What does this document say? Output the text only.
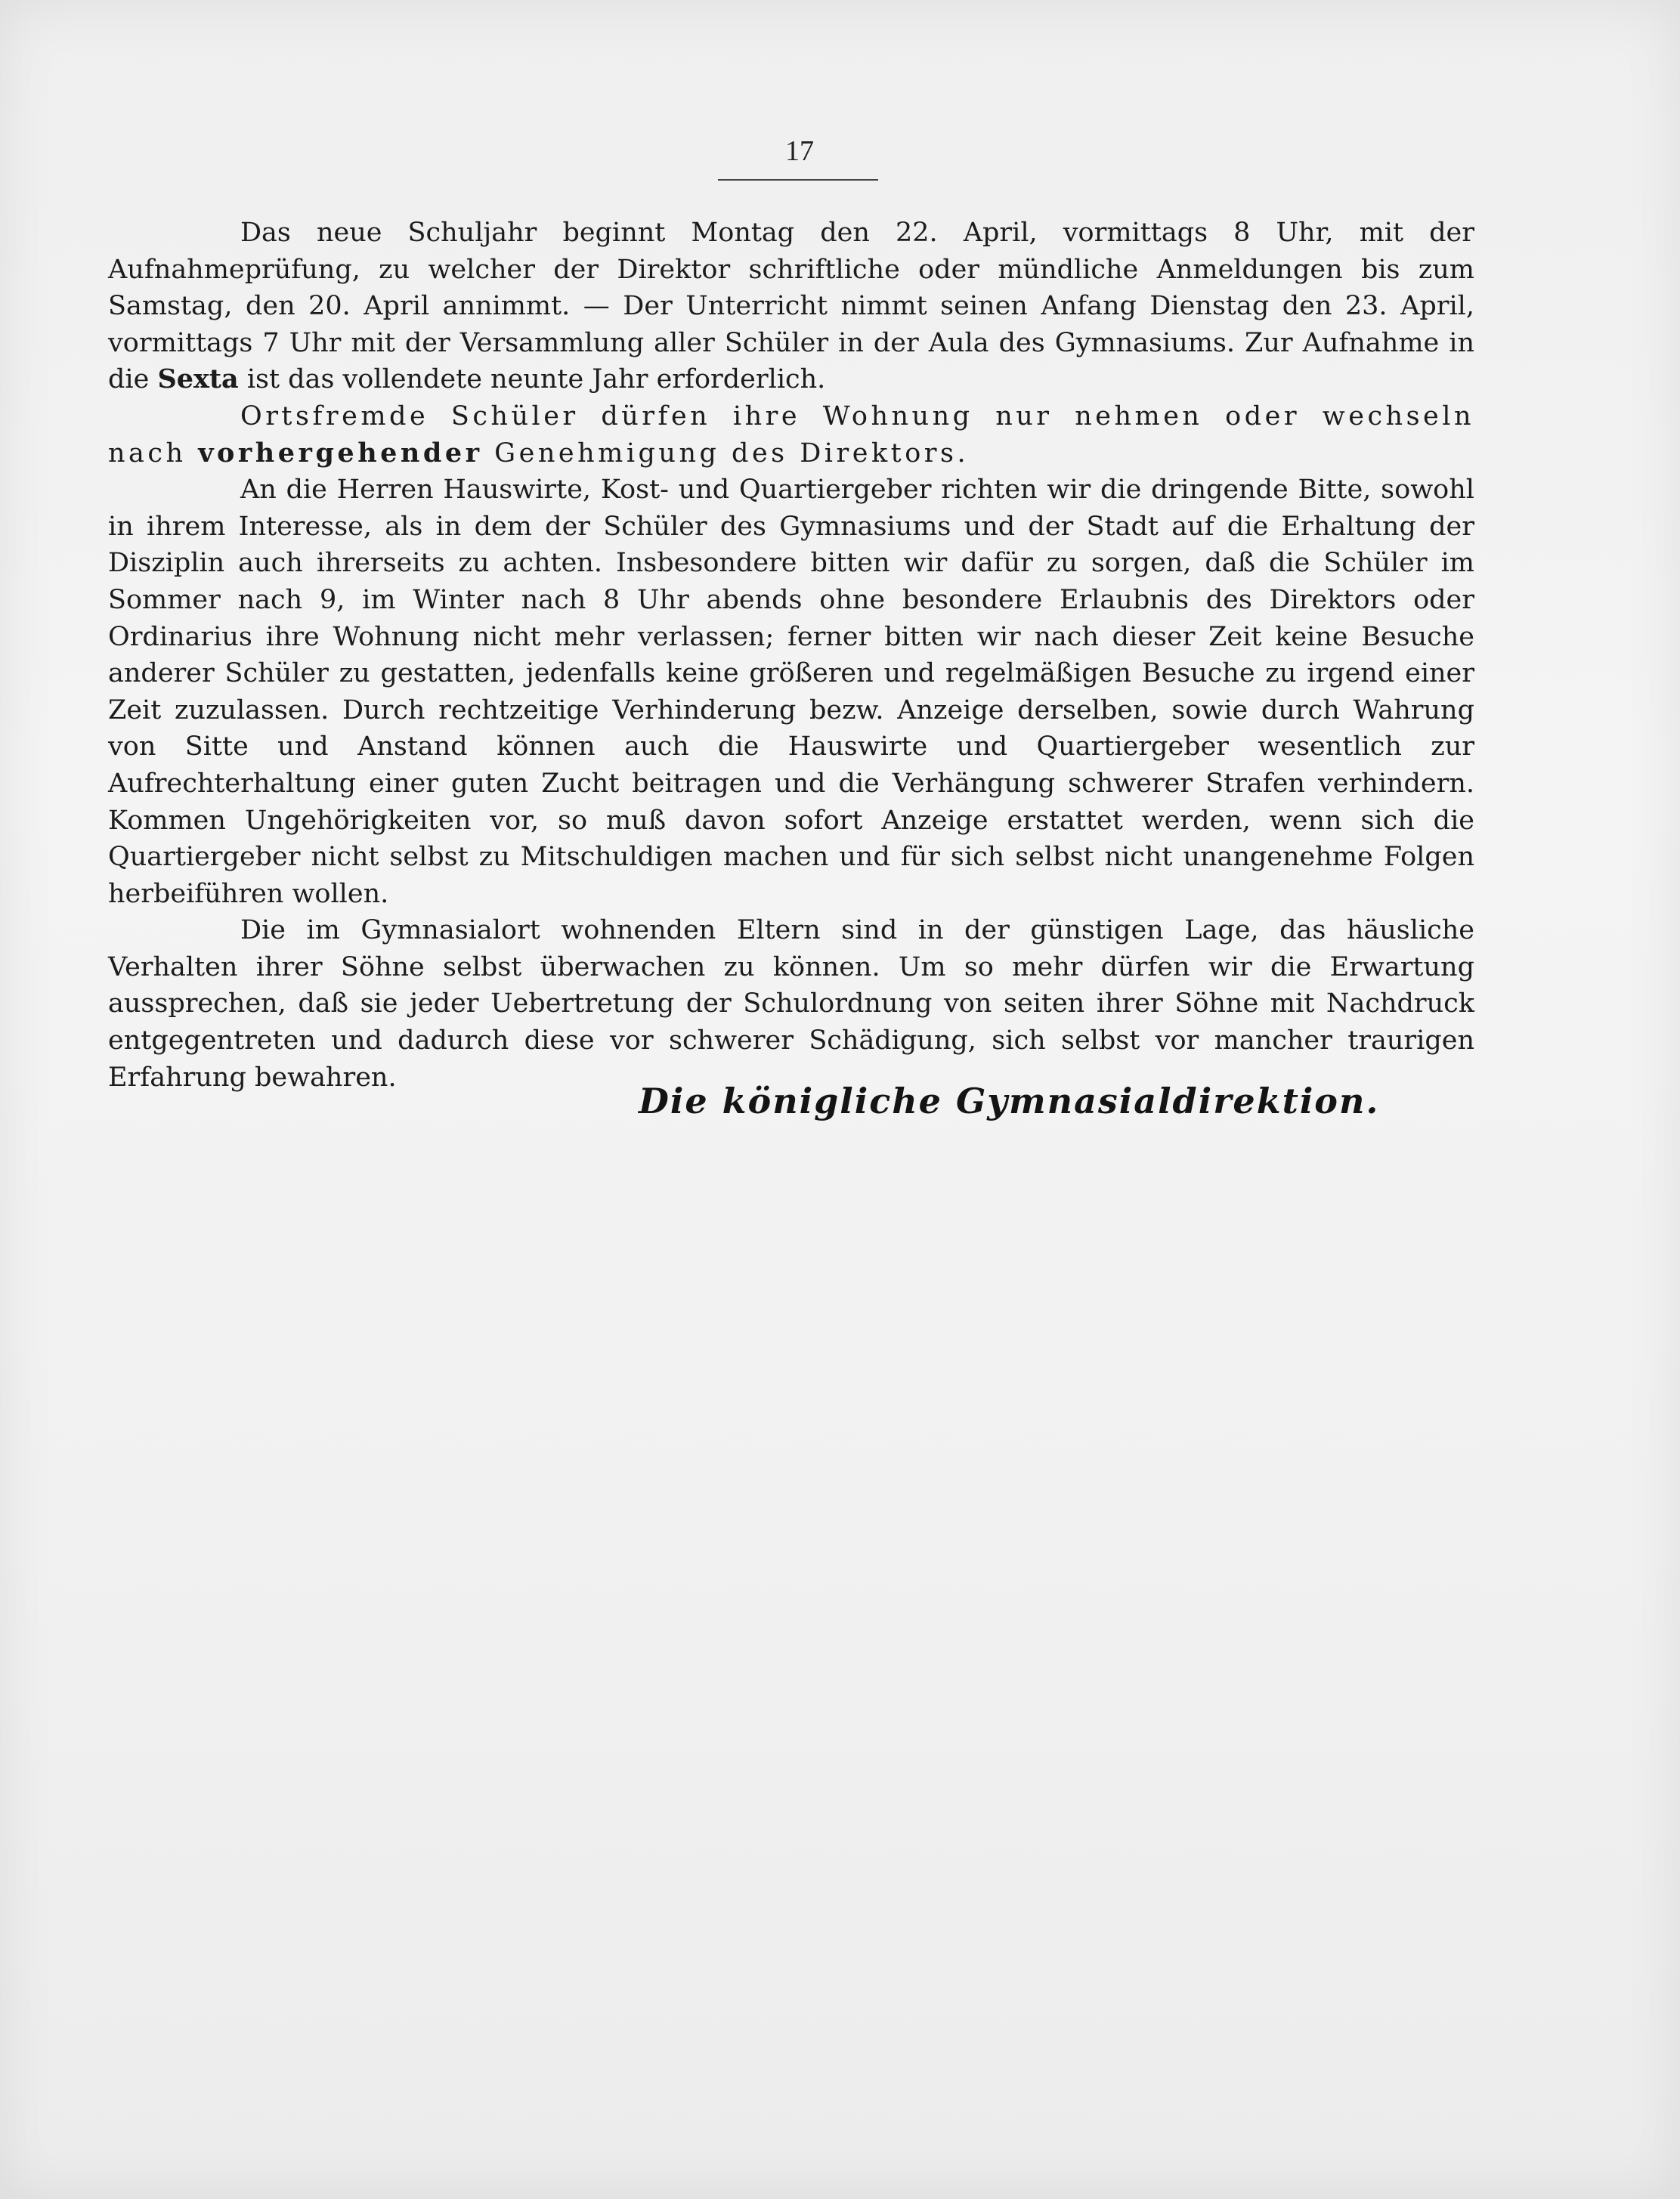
17

Das neue Schuljahr beginnt Montag den 22. April, vormittags 8 Uhr, mit der Aufnahmeprüfung, zu welcher der Direktor schriftliche oder mündliche Anmeldungen bis zum Samstag, den 20. April annimmt. — Der Unterricht nimmt seinen Anfang Dienstag den 23. April, vormittags 7 Uhr mit der Versammlung aller Schüler in der Aula des Gymnasiums. Zur Aufnahme in die Sexta ist das vollendete neunte Jahr erforderlich.

Ortsfremde Schüler dürfen ihre Wohnung nur nehmen oder wechseln nach vorhergehender Genehmigung des Direktors.

An die Herren Hauswirte, Kost- und Quartiergeber richten wir die dringende Bitte, sowohl in ihrem Interesse, als in dem der Schüler des Gymnasiums und der Stadt auf die Erhaltung der Disziplin auch ihrerseits zu achten. Insbesondere bitten wir dafür zu sorgen, daß die Schüler im Sommer nach 9, im Winter nach 8 Uhr abends ohne besondere Erlaubnis des Direktors oder Ordinarius ihre Wohnung nicht mehr verlassen; ferner bitten wir nach dieser Zeit keine Besuche anderer Schüler zu gestatten, jedenfalls keine größeren und regelmäßigen Besuche zu irgend einer Zeit zuzulassen. Durch rechtzeitige Verhinderung bezw. Anzeige derselben, sowie durch Wahrung von Sitte und Anstand können auch die Hauswirte und Quartiergeber wesentlich zur Aufrechterhaltung einer guten Zucht beitragen und die Verhängung schwerer Strafen verhindern. Kommen Ungehörigkeiten vor, so muß davon sofort Anzeige erstattet werden, wenn sich die Quartiergeber nicht selbst zu Mitschuldigen machen und für sich selbst nicht unangenehme Folgen herbeiführen wollen.

Die im Gymnasialort wohnenden Eltern sind in der günstigen Lage, das häusliche Verhalten ihrer Söhne selbst überwachen zu können. Um so mehr dürfen wir die Erwartung aussprechen, daß sie jeder Uebertretung der Schulordnung von seiten ihrer Söhne mit Nachdruck entgegentreten und dadurch diese vor schwerer Schädigung, sich selbst vor mancher traurigen Erfahrung bewahren.

Die königliche Gymnasialdirektion.
